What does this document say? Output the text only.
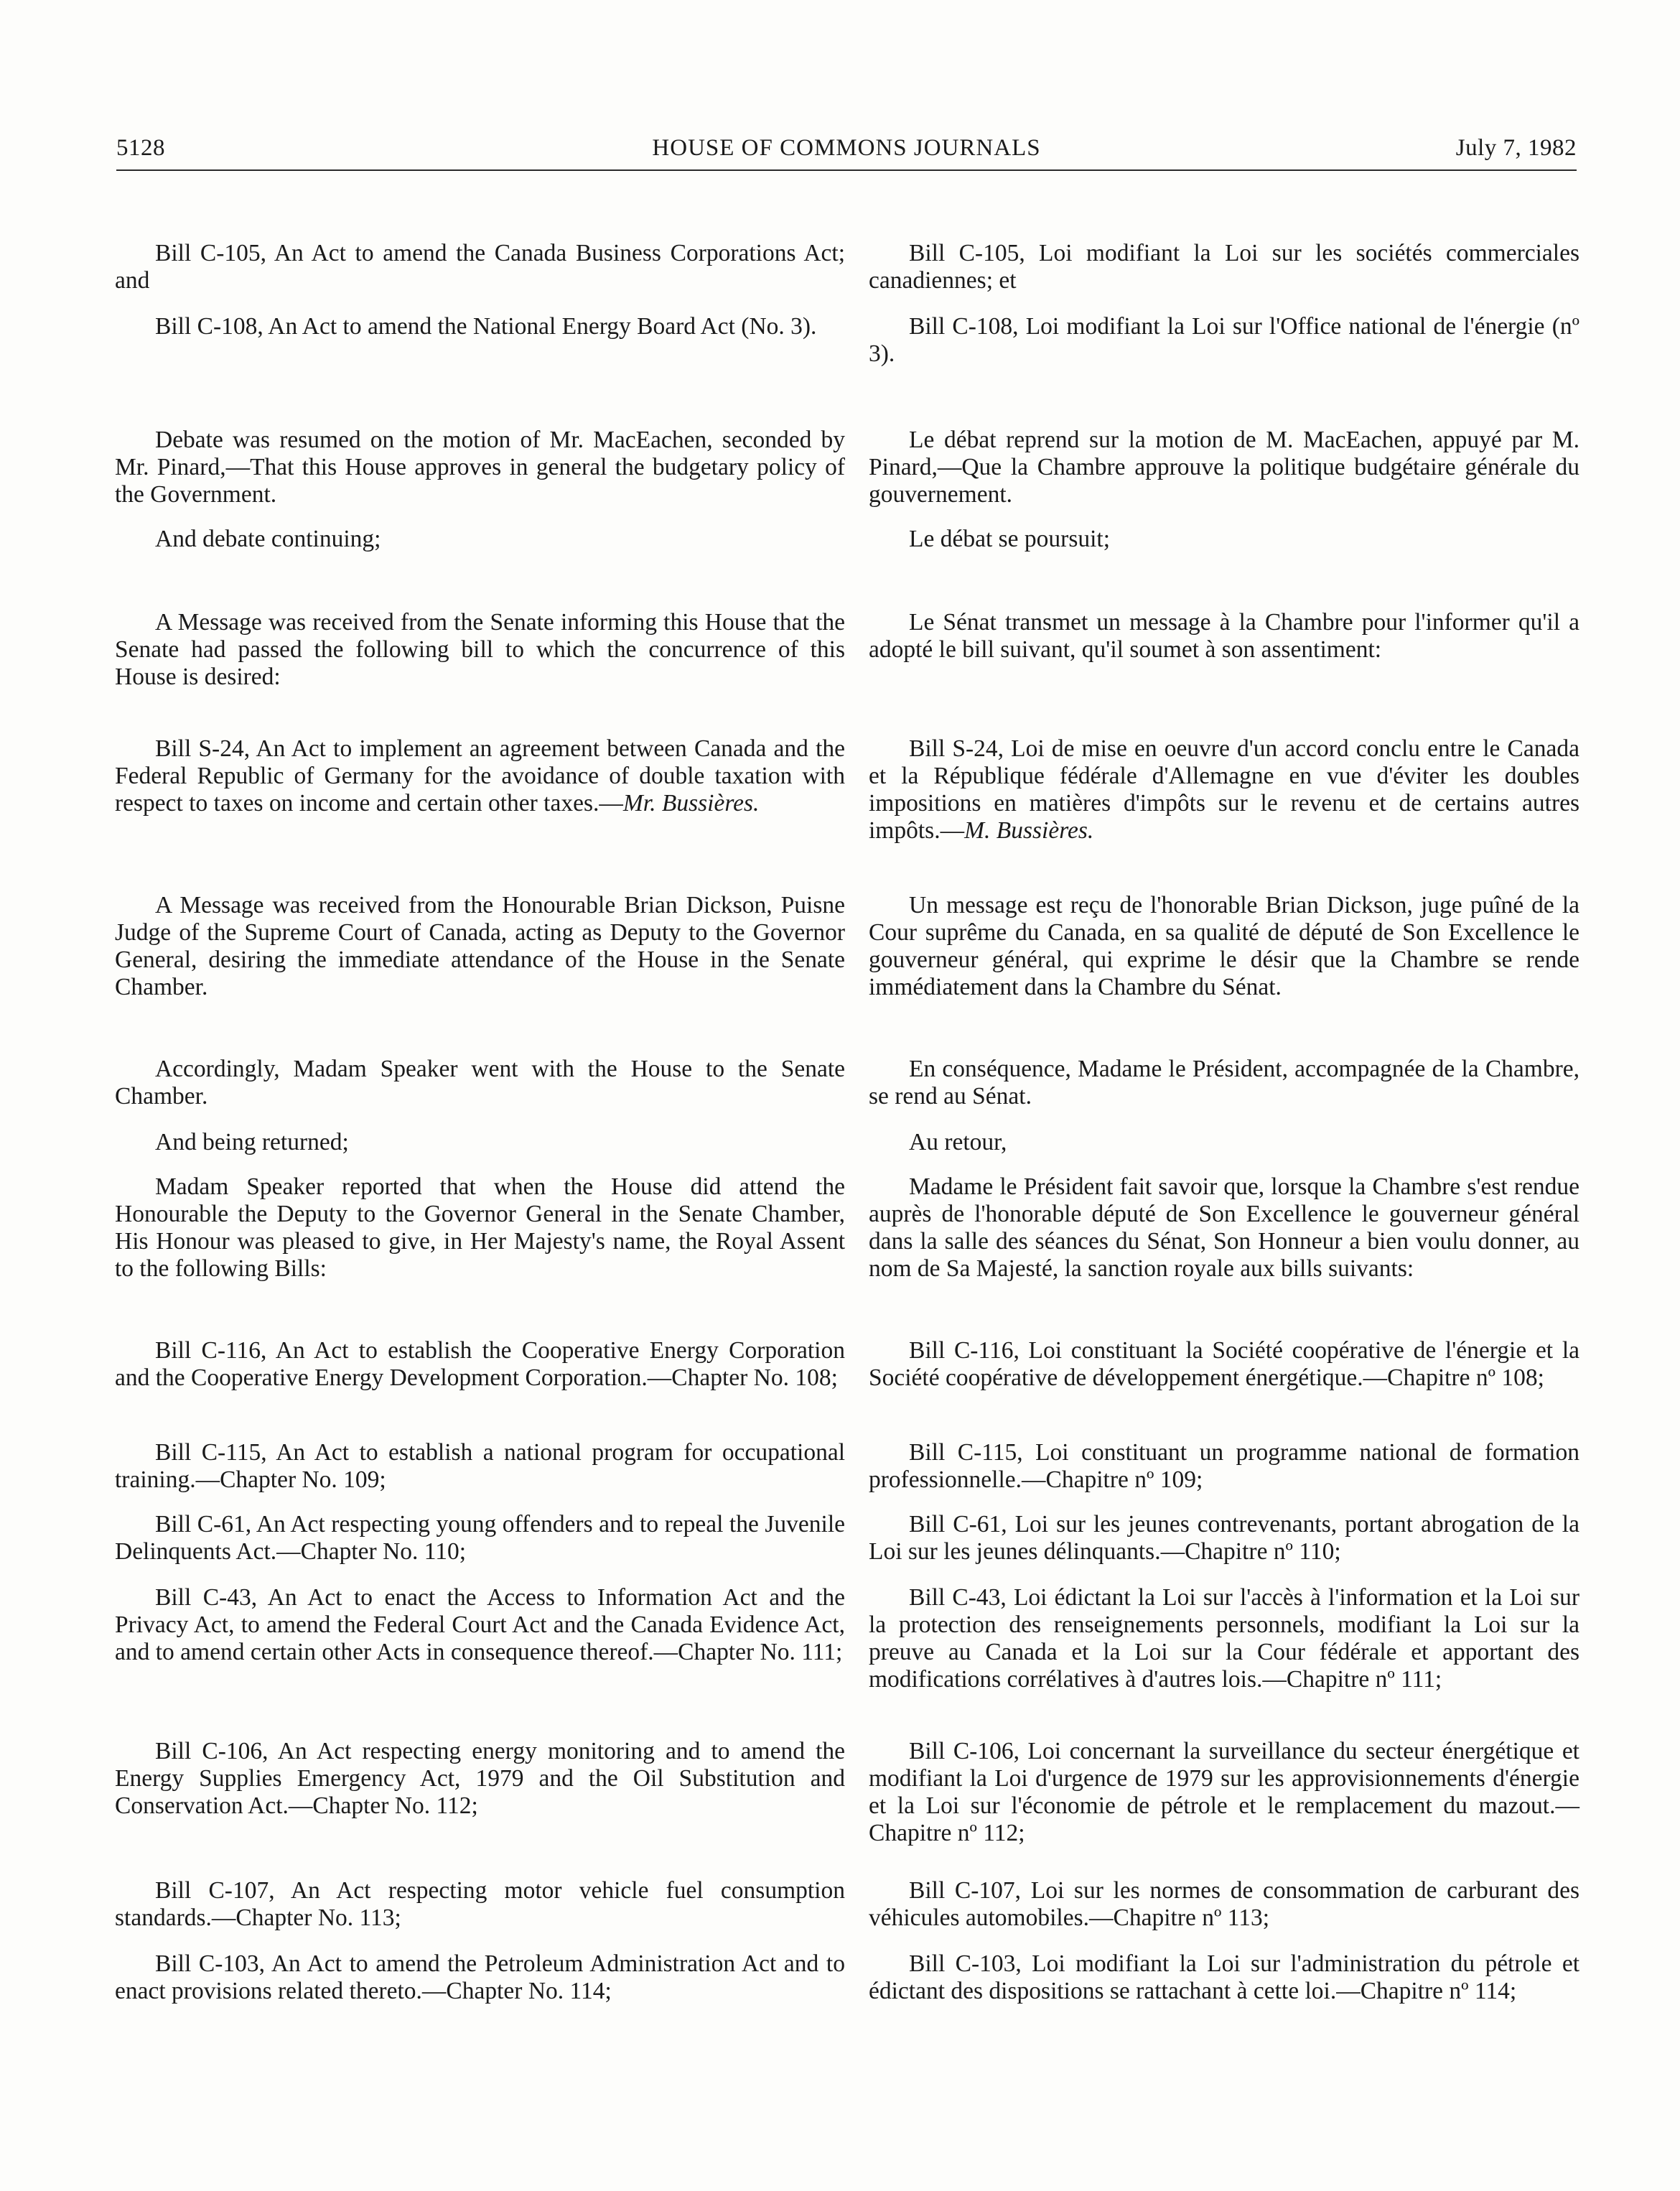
5128	HOUSE OF COMMONS JOURNALS	July 7, 1982

Bill C-105, An Act to amend the Canada Business Corporations Act; and

Bill C-108, An Act to amend the National Energy Board Act (No. 3).

Debate was resumed on the motion of Mr. MacEachen, seconded by Mr. Pinard,—That this House approves in general the budgetary policy of the Government.

And debate continuing;

A Message was received from the Senate informing this House that the Senate had passed the following bill to which the concurrence of this House is desired:

Bill S-24, An Act to implement an agreement between Canada and the Federal Republic of Germany for the avoidance of double taxation with respect to taxes on income and certain other taxes.—Mr. Bussières.

A Message was received from the Honourable Brian Dickson, Puisne Judge of the Supreme Court of Canada, acting as Deputy to the Governor General, desiring the immediate attendance of the House in the Senate Chamber.

Accordingly, Madam Speaker went with the House to the Senate Chamber.

And being returned;

Madam Speaker reported that when the House did attend the Honourable the Deputy to the Governor General in the Senate Chamber, His Honour was pleased to give, in Her Majesty's name, the Royal Assent to the following Bills:

Bill C-116, An Act to establish the Cooperative Energy Corporation and the Cooperative Energy Development Corporation.—Chapter No. 108;

Bill C-115, An Act to establish a national program for occupational training.—Chapter No. 109;

Bill C-61, An Act respecting young offenders and to repeal the Juvenile Delinquents Act.—Chapter No. 110;

Bill C-43, An Act to enact the Access to Information Act and the Privacy Act, to amend the Federal Court Act and the Canada Evidence Act, and to amend certain other Acts in consequence thereof.—Chapter No. 111;

Bill C-106, An Act respecting energy monitoring and to amend the Energy Supplies Emergency Act, 1979 and the Oil Substitution and Conservation Act.—Chapter No. 112;

Bill C-107, An Act respecting motor vehicle fuel consumption standards.—Chapter No. 113;

Bill C-103, An Act to amend the Petroleum Administration Act and to enact provisions related thereto.—Chapter No. 114;

Bill C-105, Loi modifiant la Loi sur les sociétés commerciales canadiennes; et

Bill C-108, Loi modifiant la Loi sur l'Office national de l'énergie (nº 3).

Le débat reprend sur la motion de M. MacEachen, appuyé par M. Pinard,—Que la Chambre approuve la politique budgétaire générale du gouvernement.

Le débat se poursuit;

Le Sénat transmet un message à la Chambre pour l'informer qu'il a adopté le bill suivant, qu'il soumet à son assentiment:

Bill S-24, Loi de mise en oeuvre d'un accord conclu entre le Canada et la République fédérale d'Allemagne en vue d'éviter les doubles impositions en matières d'impôts sur le revenu et de certains autres impôts.—M. Bussières.

Un message est reçu de l'honorable Brian Dickson, juge puîné de la Cour suprême du Canada, en sa qualité de député de Son Excellence le gouverneur général, qui exprime le désir que la Chambre se rende immédiatement dans la Chambre du Sénat.

En conséquence, Madame le Président, accompagnée de la Chambre, se rend au Sénat.

Au retour,

Madame le Président fait savoir que, lorsque la Chambre s'est rendue auprès de l'honorable député de Son Excellence le gouverneur général dans la salle des séances du Sénat, Son Honneur a bien voulu donner, au nom de Sa Majesté, la sanction royale aux bills suivants:

Bill C-116, Loi constituant la Société coopérative de l'énergie et la Société coopérative de développement énergétique.—Chapitre nº 108;

Bill C-115, Loi constituant un programme national de formation professionnelle.—Chapitre nº 109;

Bill C-61, Loi sur les jeunes contrevenants, portant abrogation de la Loi sur les jeunes délinquants.—Chapitre nº 110;

Bill C-43, Loi édictant la Loi sur l'accès à l'information et la Loi sur la protection des renseignements personnels, modifiant la Loi sur la preuve au Canada et la Loi sur la Cour fédérale et apportant des modifications corrélatives à d'autres lois.—Chapitre nº 111;

Bill C-106, Loi concernant la surveillance du secteur énergétique et modifiant la Loi d'urgence de 1979 sur les approvisionnements d'énergie et la Loi sur l'économie de pétrole et le remplacement du mazout.—Chapitre nº 112;

Bill C-107, Loi sur les normes de consommation de carburant des véhicules automobiles.—Chapitre nº 113;

Bill C-103, Loi modifiant la Loi sur l'administration du pétrole et édictant des dispositions se rattachant à cette loi.—Chapitre nº 114;
